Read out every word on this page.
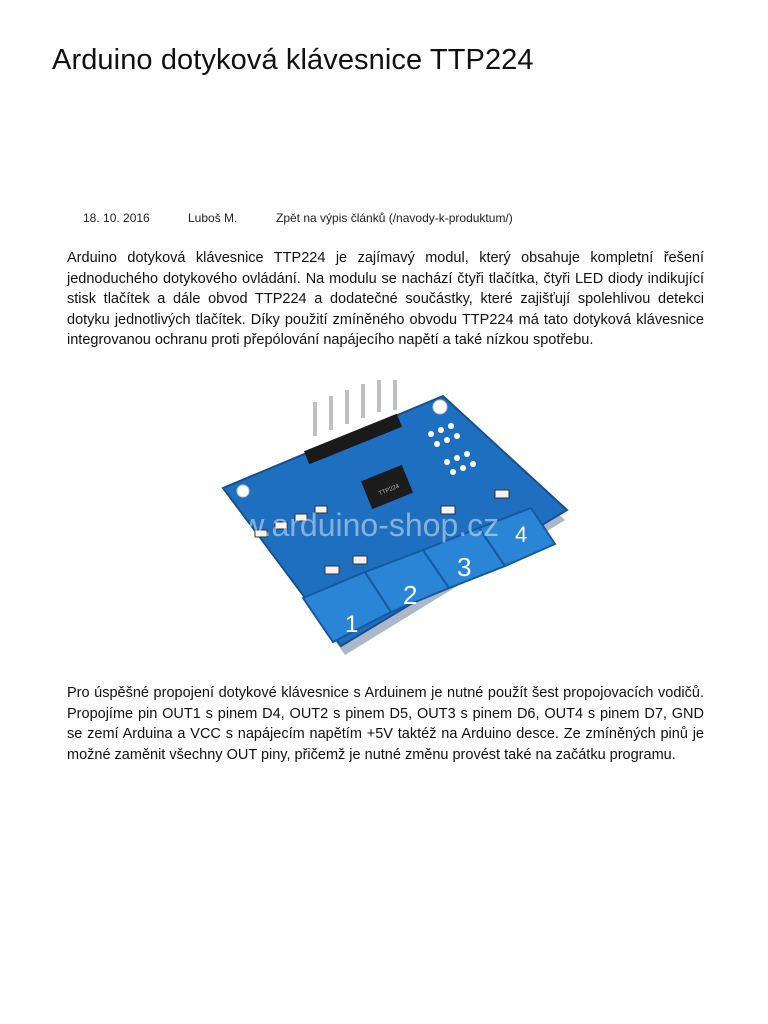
Arduino dotyková klávesnice TTP224
18. 10. 2016	Luboš M.	Zpět na výpis článků (/navody-k-produktum/)

Arduino dotyková klávesnice TTP224 je zajímavý modul, který obsahuje kompletní řešení jednoduchého dotykového ovládání. Na modulu se nachází čtyři tlačítka, čtyři LED diody indikující stisk tlačítek a dále obvod TTP224 a dodatečné součástky, které zajišťují spolehlivou detekci dotyku jednotlivých tlačítek. Díky použití zmíněného obvodu TTP224 má tato dotyková klávesnice integrovanou ochranu proti přepólování napájecího napětí a také nízkou spotřebu.

1
2
3
4
TTP224
www.arduino-shop.cz

Pro úspěšné propojení dotykové klávesnice s Arduinem je nutné použít šest propojovacích vodičů. Propojíme pin OUT1 s pinem D4, OUT2 s pinem D5, OUT3 s pinem D6, OUT4 s pinem D7, GND se zemí Arduina a VCC s napájecím napětím +5V taktéž na Arduino desce. Ze zmíněných pinů je možné zaměnit všechny OUT piny, přičemž je nutné změnu provést také na začátku programu.
